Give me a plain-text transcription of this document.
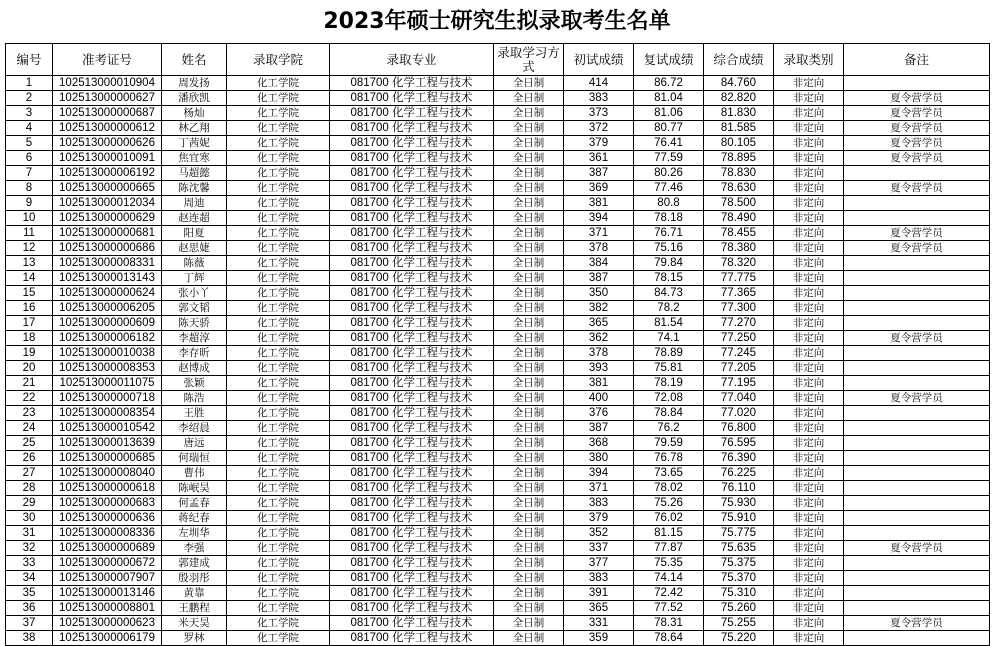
2023年硕士研究生拟录取考生名单
编号	准考证号	姓名	录取学院	录取专业	录取学习方式	初试成绩	复试成绩	综合成绩	录取类别	备注
1	102513000010904	周发扬	化工学院	081700 化学工程与技术	全日制	414	86.72	84.760	非定向	
2	102513000000627	潘欣凯	化工学院	081700 化学工程与技术	全日制	383	81.04	82.820	非定向	夏令营学员
3	102513000000687	杨灿	化工学院	081700 化学工程与技术	全日制	373	81.06	81.830	非定向	夏令营学员
4	102513000000612	林乙翔	化工学院	081700 化学工程与技术	全日制	372	80.77	81.585	非定向	夏令营学员
5	102513000000626	丁茜妮	化工学院	081700 化学工程与技术	全日制	379	76.41	80.105	非定向	夏令营学员
6	102513000010091	焦宜寒	化工学院	081700 化学工程与技术	全日制	361	77.59	78.895	非定向	夏令营学员
7	102513000006192	马超懿	化工学院	081700 化学工程与技术	全日制	387	80.26	78.830	非定向	
8	102513000000665	陈沈馨	化工学院	081700 化学工程与技术	全日制	369	77.46	78.630	非定向	夏令营学员
9	102513000012034	周迪	化工学院	081700 化学工程与技术	全日制	381	80.8	78.500	非定向	
10	102513000000629	赵连超	化工学院	081700 化学工程与技术	全日制	394	78.18	78.490	非定向	
11	102513000000681	阳夏	化工学院	081700 化学工程与技术	全日制	371	76.71	78.455	非定向	夏令营学员
12	102513000000686	赵思婕	化工学院	081700 化学工程与技术	全日制	378	75.16	78.380	非定向	夏令营学员
13	102513000008331	陈薇	化工学院	081700 化学工程与技术	全日制	384	79.84	78.320	非定向	
14	102513000013143	丁辉	化工学院	081700 化学工程与技术	全日制	387	78.15	77.775	非定向	
15	102513000000624	张小丫	化工学院	081700 化学工程与技术	全日制	350	84.73	77.365	非定向	
16	102513000006205	郭文韬	化工学院	081700 化学工程与技术	全日制	382	78.2	77.300	非定向	
17	102513000000609	陈天骄	化工学院	081700 化学工程与技术	全日制	365	81.54	77.270	非定向	
18	102513000006182	李超淳	化工学院	081700 化学工程与技术	全日制	362	74.1	77.250	非定向	夏令营学员
19	102513000010038	李存昕	化工学院	081700 化学工程与技术	全日制	378	78.89	77.245	非定向	
20	102513000008353	赵博成	化工学院	081700 化学工程与技术	全日制	393	75.81	77.205	非定向	
21	102513000011075	张颖	化工学院	081700 化学工程与技术	全日制	381	78.19	77.195	非定向	
22	102513000000718	陈浩	化工学院	081700 化学工程与技术	全日制	400	72.08	77.040	非定向	夏令营学员
23	102513000008354	王胜	化工学院	081700 化学工程与技术	全日制	376	78.84	77.020	非定向	
24	102513000010542	李绍晨	化工学院	081700 化学工程与技术	全日制	387	76.2	76.800	非定向	
25	102513000013639	唐远	化工学院	081700 化学工程与技术	全日制	368	79.59	76.595	非定向	
26	102513000000685	何瑞恒	化工学院	081700 化学工程与技术	全日制	380	76.78	76.390	非定向	
27	102513000008040	曹伟	化工学院	081700 化学工程与技术	全日制	394	73.65	76.225	非定向	
28	102513000000618	陈岷昊	化工学院	081700 化学工程与技术	全日制	371	78.02	76.110	非定向	
29	102513000000683	何孟春	化工学院	081700 化学工程与技术	全日制	383	75.26	75.930	非定向	
30	102513000000636	蒋纪春	化工学院	081700 化学工程与技术	全日制	379	76.02	75.910	非定向	
31	102513000008336	左圳华	化工学院	081700 化学工程与技术	全日制	352	81.15	75.775	非定向	
32	102513000000689	李强	化工学院	081700 化学工程与技术	全日制	337	77.87	75.635	非定向	夏令营学员
33	102513000000672	郭建成	化工学院	081700 化学工程与技术	全日制	377	75.35	75.375	非定向	
34	102513000007907	殷羽彤	化工学院	081700 化学工程与技术	全日制	383	74.14	75.370	非定向	
35	102513000013146	黄靠	化工学院	081700 化学工程与技术	全日制	391	72.42	75.310	非定向	
36	102513000008801	王鹏程	化工学院	081700 化学工程与技术	全日制	365	77.52	75.260	非定向	
37	102513000000623	米天昊	化工学院	081700 化学工程与技术	全日制	331	78.31	75.255	非定向	夏令营学员
38	102513000006179	罗林	化工学院	081700 化学工程与技术	全日制	359	78.64	75.220	非定向	
